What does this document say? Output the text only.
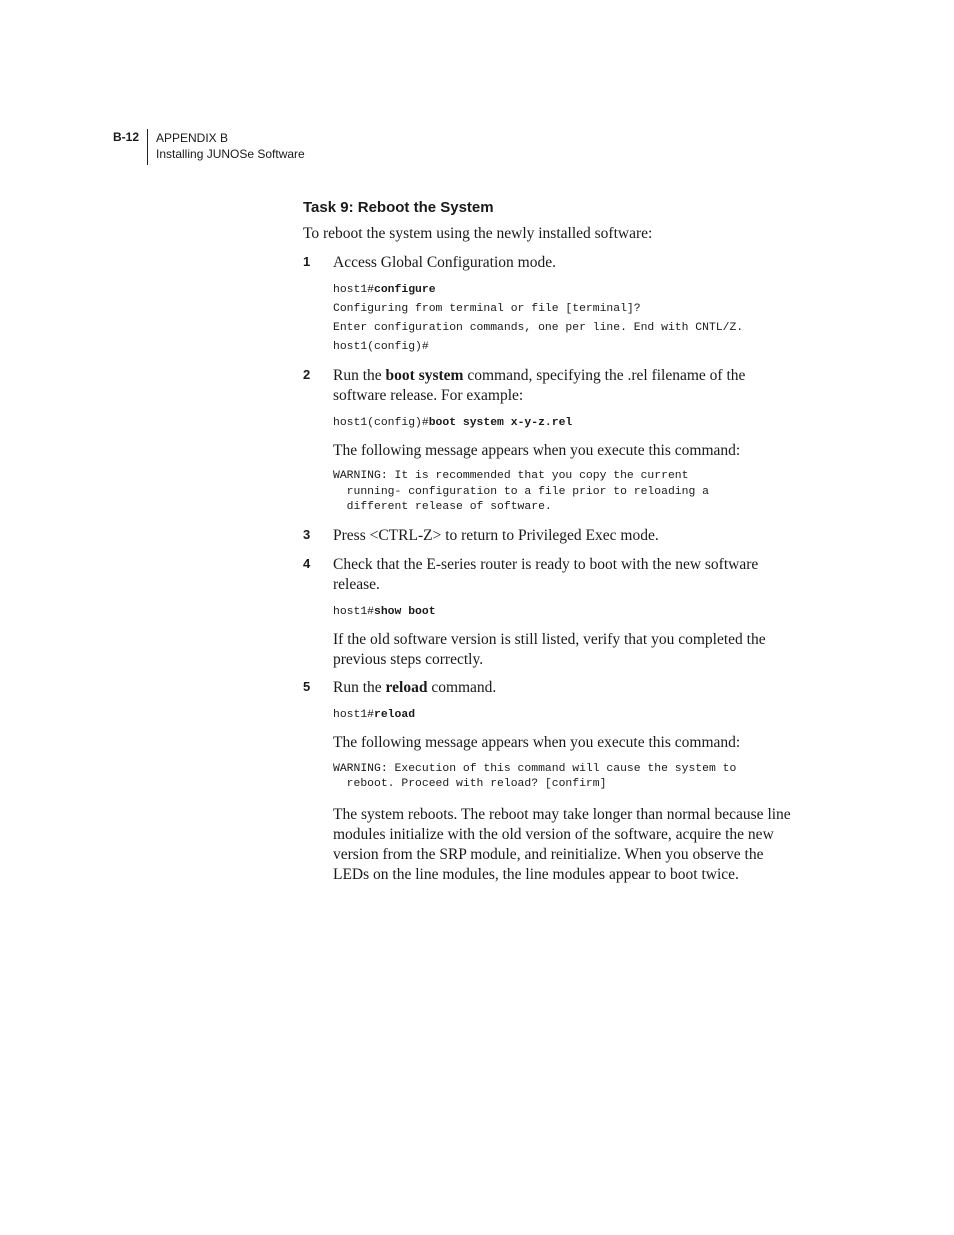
B-12 APPENDIX B
Installing JUNOSe Software
Task 9: Reboot the System

To reboot the system using the newly installed software:

1 Access Global Configuration mode.

host1#configure
Configuring from terminal or file [terminal]?
Enter configuration commands, one per line. End with CNTL/Z.
host1(config)#
2 Run the boot system command, specifying the .rel filename of the software release. For example:

host1(config)#boot system x-y-z.rel

The following message appears when you execute this command:

WARNING: It is recommended that you copy the current
running- configuration to a file prior to reloading a
different release of software.
3 Press <CTRL-Z> to return to Privileged Exec mode.

4 Check that the E-series router is ready to boot with the new software release.

host1#show boot

If the old software version is still listed, verify that you completed the previous steps correctly.

5 Run the reload command.

host1#reload

The following message appears when you execute this command:

WARNING: Execution of this command will cause the system to
reboot. Proceed with reload? [confirm]

The system reboots. The reboot may take longer than normal because line modules initialize with the old version of the software, acquire the new version from the SRP module, and reinitialize. When you observe the LEDs on the line modules, the line modules appear to boot twice.
